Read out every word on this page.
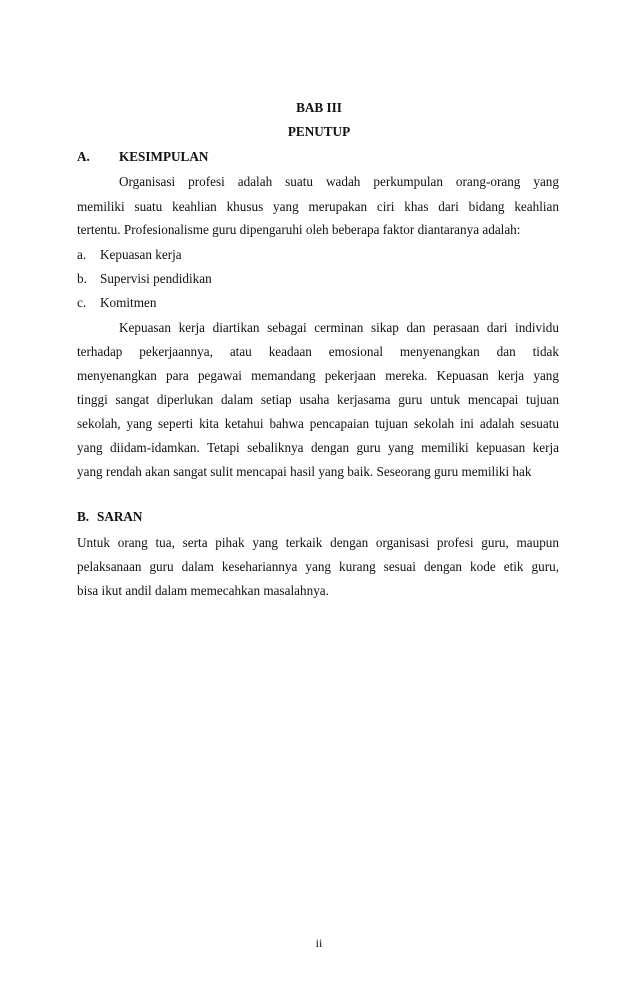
BAB III
PENUTUP
A. KESIMPULAN
Organisasi profesi adalah suatu wadah perkumpulan orang-orang yang
memiliki suatu keahlian khusus yang merupakan ciri khas dari bidang keahlian
tertentu. Profesionalisme guru dipengaruhi oleh beberapa faktor diantaranya adalah:
a. Kepuasan kerja
b. Supervisi pendidikan
c. Komitmen
Kepuasan kerja diartikan sebagai cerminan sikap dan perasaan dari individu
terhadap pekerjaannya, atau keadaan emosional menyenangkan dan tidak
menyenangkan para pegawai memandang pekerjaan mereka. Kepuasan kerja yang
tinggi sangat diperlukan dalam setiap usaha kerjasama guru untuk mencapai tujuan
sekolah, yang seperti kita ketahui bahwa pencapaian tujuan sekolah ini adalah sesuatu
yang diidam-idamkan. Tetapi sebaliknya dengan guru yang memiliki kepuasan kerja
yang rendah akan sangat sulit mencapai hasil yang baik. Seseorang guru memiliki hak
B. SARAN
Untuk orang tua, serta pihak yang terkaik dengan organisasi profesi guru, maupun
pelaksanaan guru dalam kesehariannya yang kurang sesuai dengan kode etik guru,
bisa ikut andil dalam memecahkan masalahnya.
ii
